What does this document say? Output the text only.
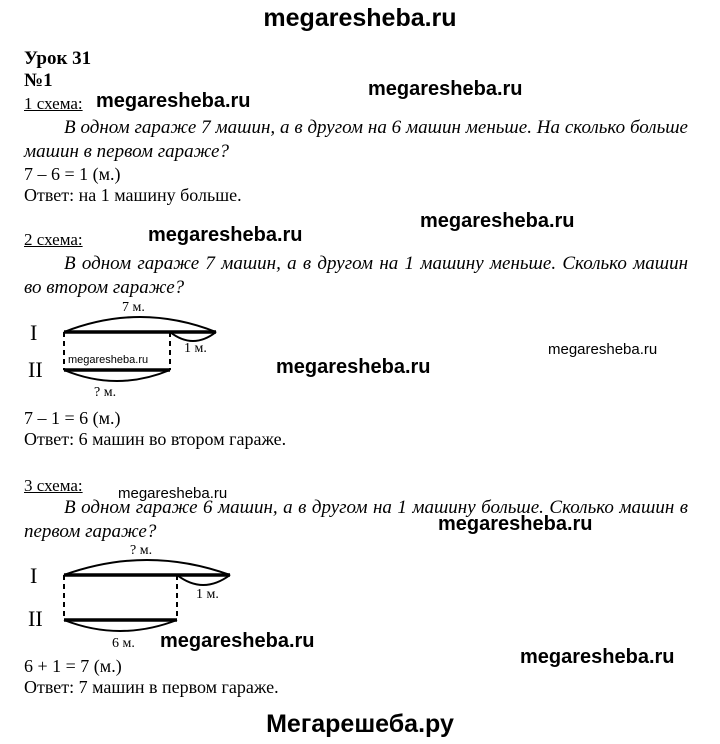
megaresheba.ru
Мегарешеба.ру
Урок 31
№1
1 схема: megaresheba.ru
megaresheba.ru
В одном гараже 7 машин, а в другом на 6 машин меньше. На сколько больше машин в первом гараже?
7 – 6 = 1 (м.)
Ответ: на 1 машину больше.
megaresheba.ru
2 схема:	megaresheba.ru
В одном гараже 7 машин, а в другом на 1 машину меньше. Сколько машин во втором гараже?
I
II
7 м.
1 м.
? м.
megaresheba.ru	megaresheba.ru
megaresheba.ru
7 – 1 = 6 (м.)
Ответ: 6 машин во втором гараже.
3 схема: megaresheba.ru
В одном гараже 6 машин, а в другом на 1 машину больше. Сколько машин в первом гараже?	megaresheba.ru
I
II
? м.
1 м.
6 м. megaresheba.ru
megaresheba.ru
6 + 1 = 7 (м.)
Ответ: 7 машин в первом гараже.
